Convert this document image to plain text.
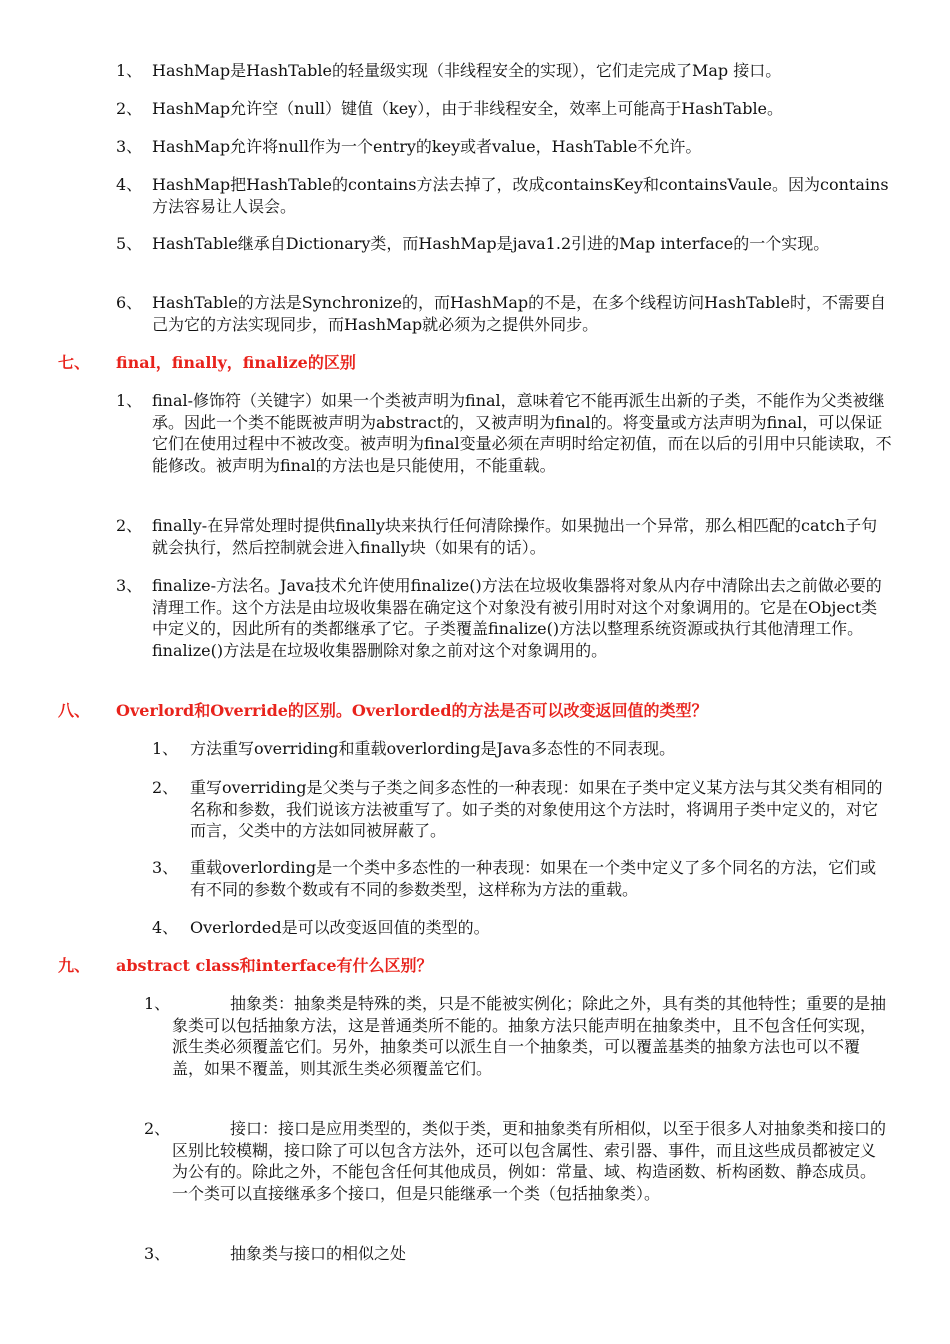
1、 HashMap是HashTable的轻量级实现（非线程安全的实现），它们走完成了Map 接口。
2、 HashMap允许空（null）键值（key），由于非线程安全，效率上可能高于HashTable。
3、 HashMap允许将null作为一个entry的key或者value，HashTable不允许。
4、 HashMap把HashTable的contains方法去掉了，改成containsKey和containsVaule。因为contains方法容易让人误会。
5、 HashTable继承自Dictionary类，而HashMap是java1.2引进的Map interface的一个实现。
6、 HashTable的方法是Synchronize的，而HashMap的不是，在多个线程访问HashTable时，不需要自己为它的方法实现同步，而HashMap就必须为之提供外同步。
七、 final，finally，finalize的区别
1、 final-修饰符（关键字）如果一个类被声明为final，意味着它不能再派生出新的子类，不能作为父类被继承。因此一个类不能既被声明为abstract的，又被声明为final的。将变量或方法声明为final，可以保证它们在使用过程中不被改变。被声明为final变量必须在声明时给定初值，而在以后的引用中只能读取，不能修改。被声明为final的方法也是只能使用，不能重载。
2、 finally-在异常处理时提供finally块来执行任何清除操作。如果抛出一个异常，那么相匹配的catch子句就会执行，然后控制就会进入finally块（如果有的话）。
3、 finalize-方法名。Java技术允许使用finalize()方法在垃圾收集器将对象从内存中清除出去之前做必要的清理工作。这个方法是由垃圾收集器在确定这个对象没有被引用时对这个对象调用的。它是在Object类中定义的，因此所有的类都继承了它。子类覆盖finalize()方法以整理系统资源或执行其他清理工作。finalize()方法是在垃圾收集器删除对象之前对这个对象调用的。
八、 Overlord和Override的区别。Overlorded的方法是否可以改变返回值的类型？
1、 方法重写overriding和重载overlording是Java多态性的不同表现。
2、 重写overriding是父类与子类之间多态性的一种表现：如果在子类中定义某方法与其父类有相同的名称和参数，我们说该方法被重写了。如子类的对象使用这个方法时，将调用子类中定义的，对它而言，父类中的方法如同被屏蔽了。
3、 重载overlording是一个类中多态性的一种表现：如果在一个类中定义了多个同名的方法，它们或有不同的参数个数或有不同的参数类型，这样称为方法的重载。
4、 Overlorded是可以改变返回值的类型的。
九、 abstract class和interface有什么区别？
1、	抽象类：抽象类是特殊的类，只是不能被实例化；除此之外，具有类的其他特性；重要的是抽象类可以包括抽象方法，这是普通类所不能的。抽象方法只能声明在抽象类中，且不包含任何实现，派生类必须覆盖它们。另外，抽象类可以派生自一个抽象类，可以覆盖基类的抽象方法也可以不覆盖，如果不覆盖，则其派生类必须覆盖它们。
2、	接口：接口是应用类型的，类似于类，更和抽象类有所相似，以至于很多人对抽象类和接口的区别比较模糊，接口除了可以包含方法外，还可以包含属性、索引器、事件，而且这些成员都被定义为公有的。除此之外，不能包含任何其他成员，例如：常量、域、构造函数、析构函数、静态成员。一个类可以直接继承多个接口，但是只能继承一个类（包括抽象类）。
3、	抽象类与接口的相似之处
